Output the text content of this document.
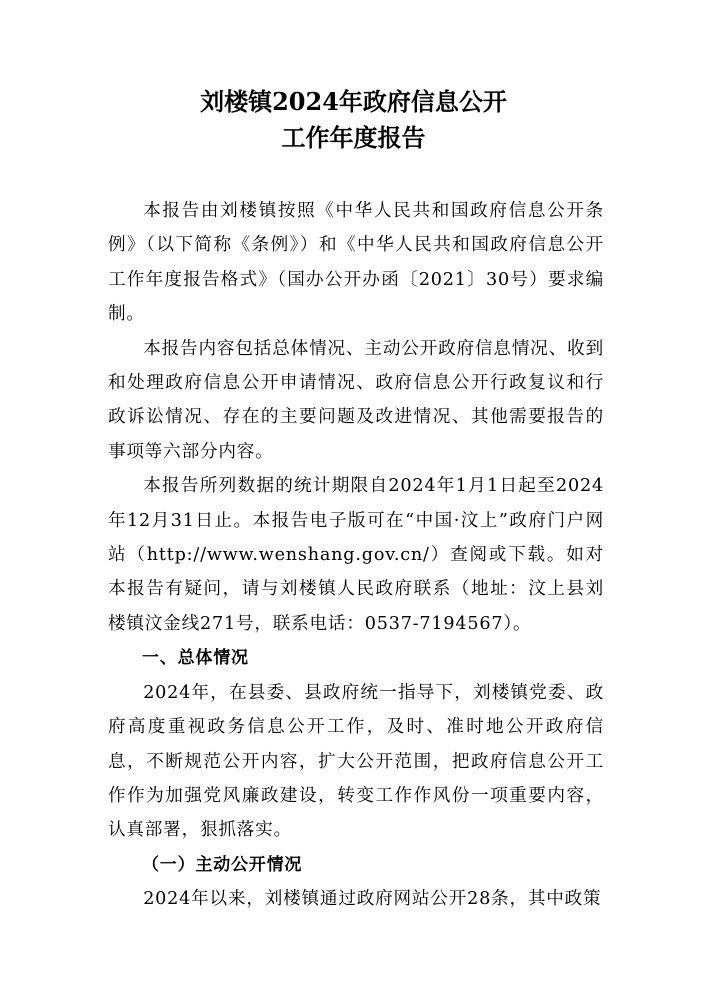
刘楼镇2024年政府信息公开
工作年度报告

本报告由刘楼镇按照《中华人民共和国政府信息公开条例》（以下简称《条例》）和《中华人民共和国政府信息公开工作年度报告格式》（国办公开办函〔2021〕30号）要求编制。

本报告内容包括总体情况、主动公开政府信息情况、收到和处理政府信息公开申请情况、政府信息公开行政复议和行政诉讼情况、存在的主要问题及改进情况、其他需要报告的事项等六部分内容。

本报告所列数据的统计期限自2024年1月1日起至2024年12月31日止。本报告电子版可在“中国·汶上”政府门户网站（http://www.wenshang.gov.cn/）查阅或下载。如对本报告有疑问，请与刘楼镇人民政府联系（地址：汶上县刘楼镇汶金线271号，联系电话：0537-7194567）。

一、总体情况

2024年，在县委、县政府统一指导下，刘楼镇党委、政府高度重视政务信息公开工作，及时、准时地公开政府信息，不断规范公开内容，扩大公开范围，把政府信息公开工作作为加强党风廉政建设，转变工作作风份一项重要内容，认真部署，狠抓落实。

（一）主动公开情况

2024年以来，刘楼镇通过政府网站公开28条，其中政策
